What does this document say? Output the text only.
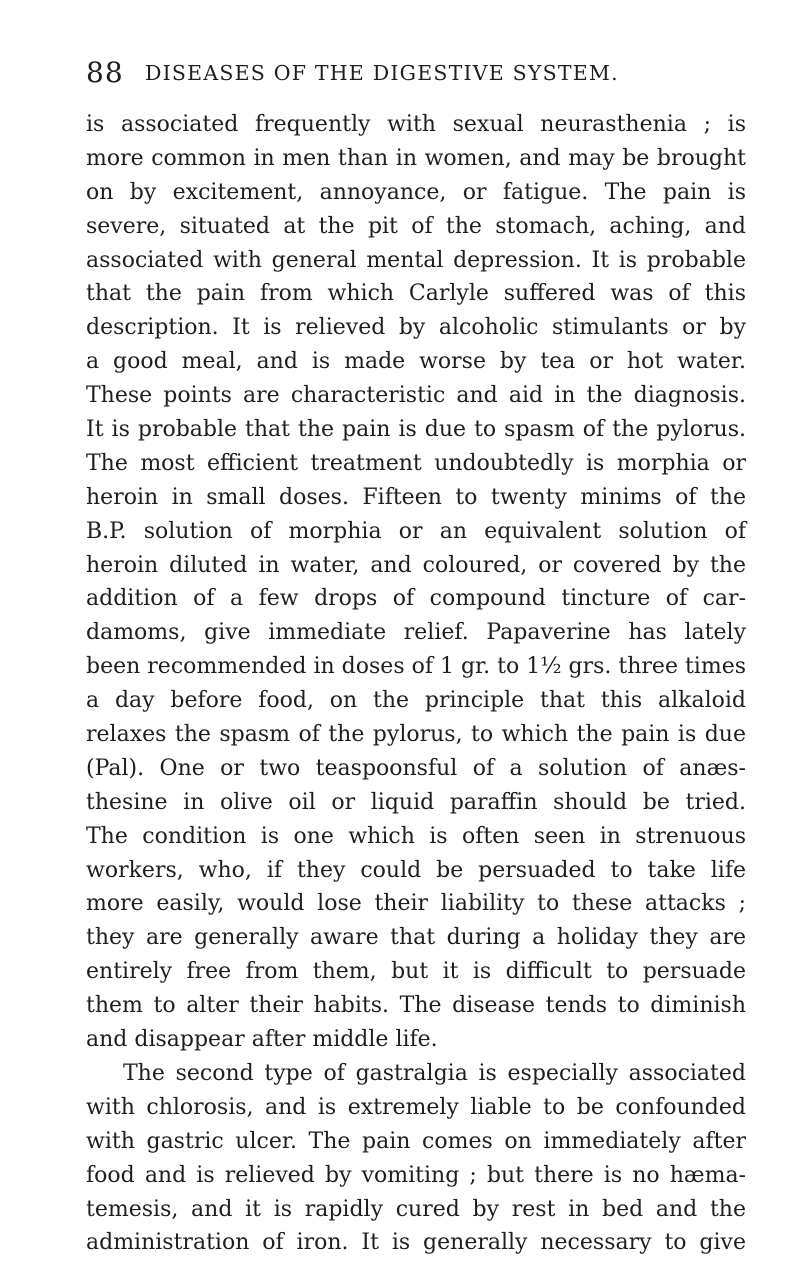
88 DISEASES OF THE DIGESTIVE SYSTEM.
is associated frequently with sexual neurasthenia ; is
more common in men than in women, and may be brought
on by excitement, annoyance, or fatigue. The pain is
severe, situated at the pit of the stomach, aching, and
associated with general mental depression. It is probable
that the pain from which Carlyle suffered was of this
description. It is relieved by alcoholic stimulants or by
a good meal, and is made worse by tea or hot water.
These points are characteristic and aid in the diagnosis.
It is probable that the pain is due to spasm of the pylorus.
The most efficient treatment undoubtedly is morphia or
heroin in small doses. Fifteen to twenty minims of the
B.P. solution of morphia or an equivalent solution of
heroin diluted in water, and coloured, or covered by the
addition of a few drops of compound tincture of car-
damoms, give immediate relief. Papaverine has lately
been recommended in doses of 1 gr. to 1½ grs. three times
a day before food, on the principle that this alkaloid
relaxes the spasm of the pylorus, to which the pain is due
(Pal). One or two teaspoonsful of a solution of anæs-
thesine in olive oil or liquid paraffin should be tried.
The condition is one which is often seen in strenuous
workers, who, if they could be persuaded to take life
more easily, would lose their liability to these attacks ;
they are generally aware that during a holiday they are
entirely free from them, but it is difficult to persuade
them to alter their habits. The disease tends to diminish
and disappear after middle life.
The second type of gastralgia is especially associated
with chlorosis, and is extremely liable to be confounded
with gastric ulcer. The pain comes on immediately after
food and is relieved by vomiting ; but there is no hæma-
temesis, and it is rapidly cured by rest in bed and the
administration of iron. It is generally necessary to give
